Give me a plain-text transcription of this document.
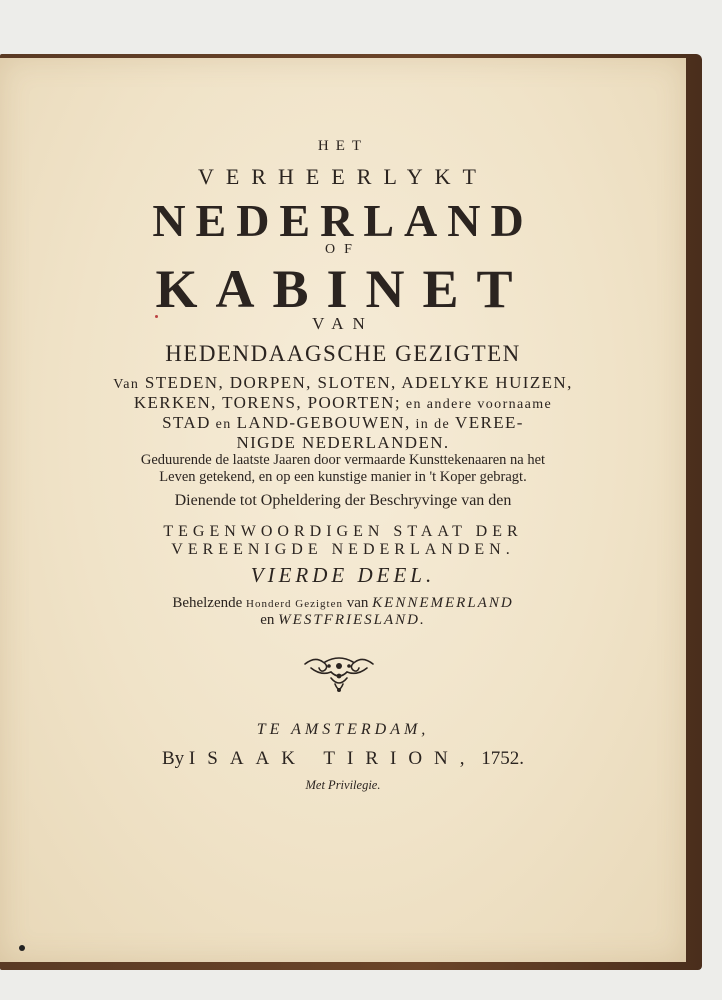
HET
VERHEERLYKT
NEDERLAND
OF
KABINET
VAN
HEDENDAAGSCHE GEZIGTEN
Van STEDEN, DORPEN, SLOTEN, ADELYKE HUIZEN,
KERKEN, TORENS, POORTEN; en andere voornaame
STAD en LAND-GEBOUWEN, in de VEREE-
NIGDE NEDERLANDEN.
Geduurende de laatste Jaaren door vermaarde Kunsttekenaaren na het
Leven getekend, en op een kunstige manier in 't Koper gebragt.
Dienende tot Opheldering der Beschryvinge van den
TEGENWOORDIGEN STAAT DER
VEREENIGDE NEDERLANDEN.
VIERDE DEEL.
Behelzende Honderd Gezigten van KENNEMERLAND
en WESTFRIESLAND.
TE AMSTERDAM,
By ISAAK TIRION, 1752.
Met Privilegie.
